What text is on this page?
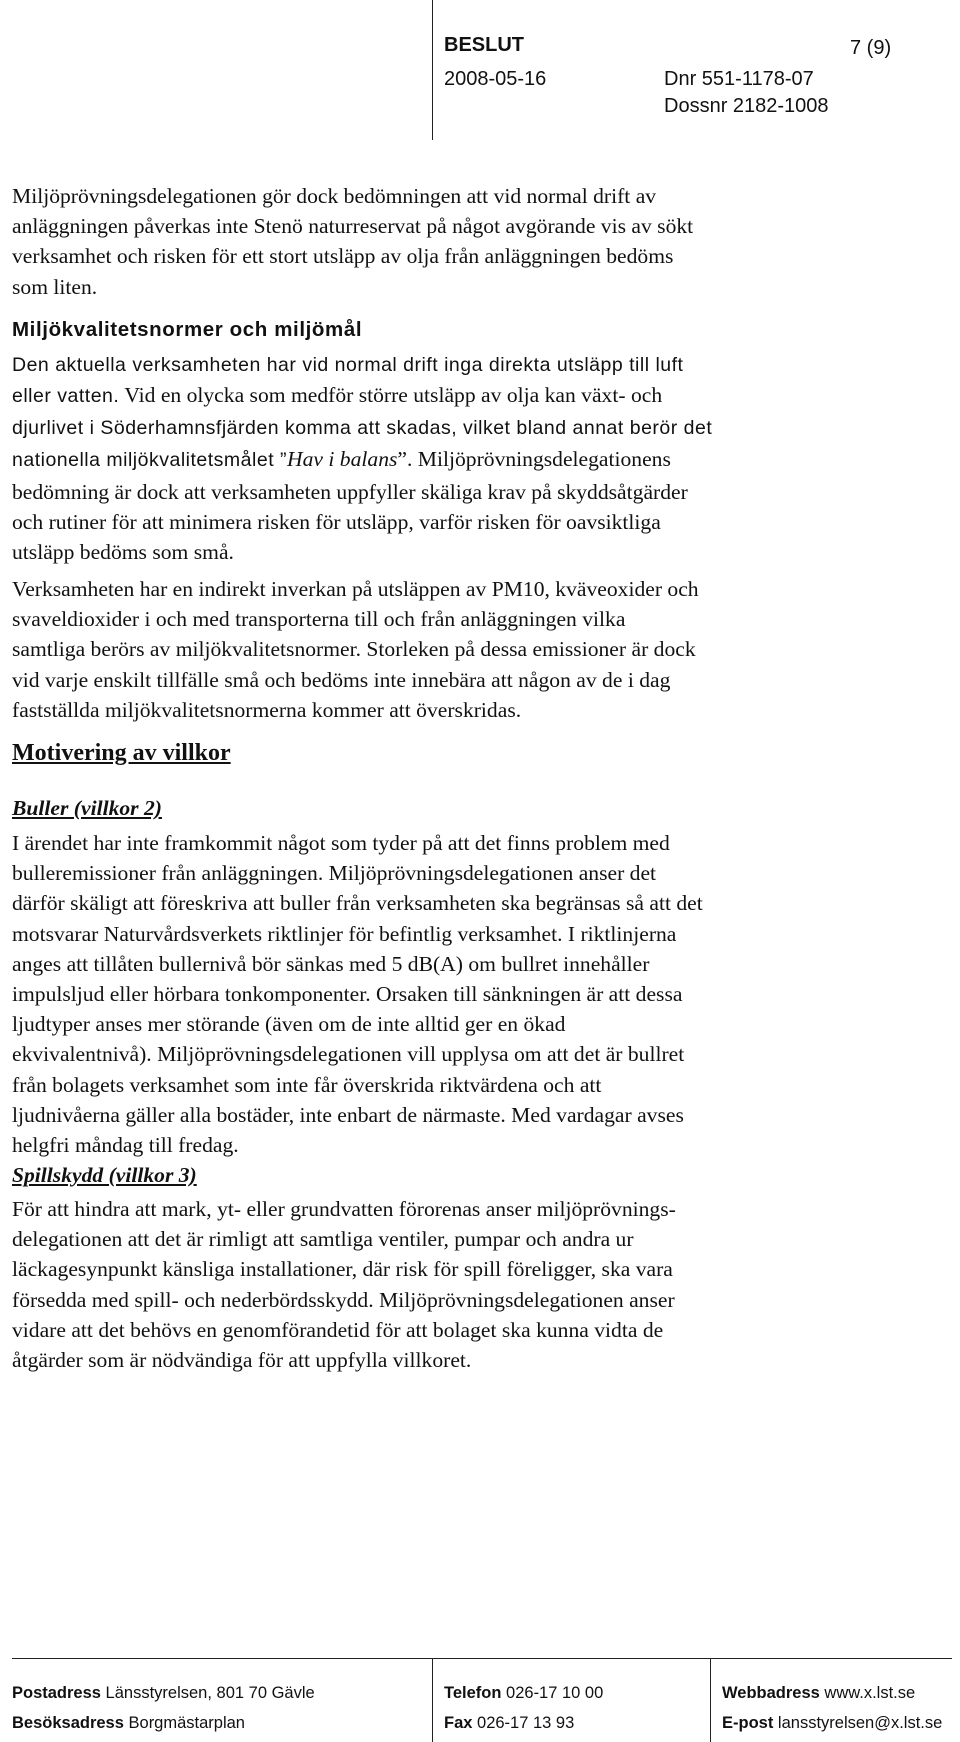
BESLUT	7 (9)
2008-05-16	Dnr 551-1178-07
Dossnr 2182-1008
Miljöprövningsdelegationen gör dock bedömningen att vid normal drift av
anläggningen påverkas inte Stenö naturreservat på något avgörande vis av sökt
verksamhet och risken för ett stort utsläpp av olja från anläggningen bedöms
som liten.
Miljökvalitetsnormer och miljömål
Den aktuella verksamheten har vid normal drift inga direkta utsläpp till luft
eller vatten. Vid en olycka som medför större utsläpp av olja kan växt- och
djurlivet i Söderhamnsfjärden komma att skadas, vilket bland annat berör det
nationella miljökvalitetsmålet ”Hav i balans”. Miljöprövningsdelegationens
bedömning är dock att verksamheten uppfyller skäliga krav på skyddsåtgärder
och rutiner för att minimera risken för utsläpp, varför risken för oavsiktliga
utsläpp bedöms som små.
Verksamheten har en indirekt inverkan på utsläppen av PM10, kväveoxider och
svaveldioxider i och med transporterna till och från anläggningen vilka
samtliga berörs av miljökvalitetsnormer. Storleken på dessa emissioner är dock
vid varje enskilt tillfälle små och bedöms inte innebära att någon av de i dag
fastställda miljökvalitetsnormerna kommer att överskridas.
Motivering av villkor
Buller (villkor 2)
I ärendet har inte framkommit något som tyder på att det finns problem med
bulleremissioner från anläggningen. Miljöprövningsdelegationen anser det
därför skäligt att föreskriva att buller från verksamheten ska begränsas så att det
motsvarar Naturvårdsverkets riktlinjer för befintlig verksamhet. I riktlinjerna
anges att tillåten bullernivå bör sänkas med 5 dB(A) om bullret innehåller
impulsljud eller hörbara tonkomponenter. Orsaken till sänkningen är att dessa
ljudtyper anses mer störande (även om de inte alltid ger en ökad
ekvivalentnivå). Miljöprövningsdelegationen vill upplysa om att det är bullret
från bolagets verksamhet som inte får överskrida riktvärdena och att
ljudnivåerna gäller alla bostäder, inte enbart de närmaste. Med vardagar avses
helgfri måndag till fredag.
Spillskydd (villkor 3)
För att hindra att mark, yt- eller grundvatten förorenas anser miljöprövnings-
delegationen att det är rimligt att samtliga ventiler, pumpar och andra ur
läckagesynpunkt känsliga installationer, där risk för spill föreligger, ska vara
försedda med spill- och nederbördsskydd. Miljöprövningsdelegationen anser
vidare att det behövs en genomförandetid för att bolaget ska kunna vidta de
åtgärder som är nödvändiga för att uppfylla villkoret.
Postadress Länsstyrelsen, 801 70 Gävle
Besöksadress Borgmästarplan
Telefon 026-17 10 00
Fax 026-17 13 93
Webbadress www.x.lst.se
E-post lansstyrelsen@x.lst.se
